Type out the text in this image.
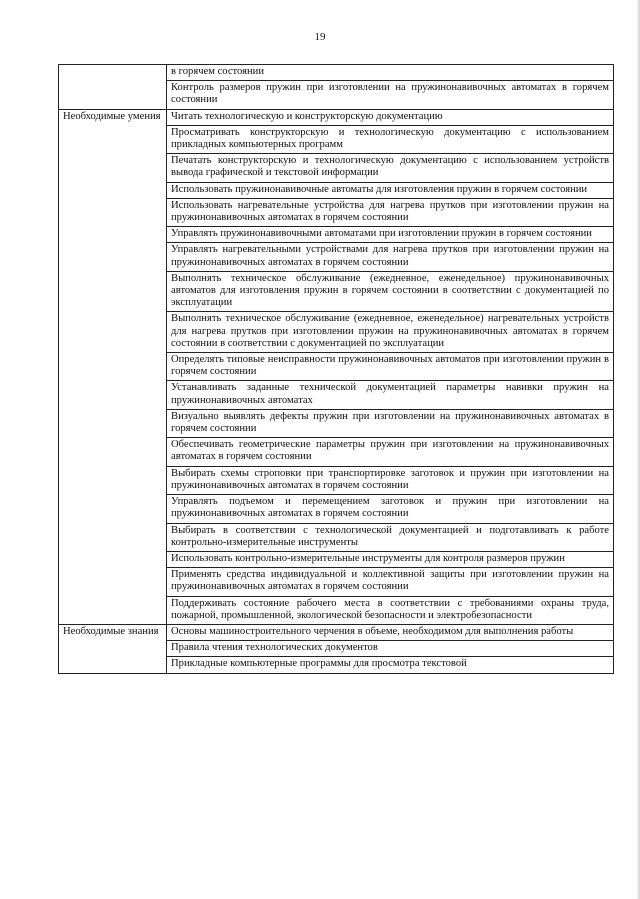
19
	в горячем состоянии
	Контроль размеров пружин при изготовлении на пружинонавивочных автоматах в горячем состоянии

Необходимые умения	Читать технологическую и конструкторскую документацию
	Просматривать конструкторскую и технологическую документацию с использованием прикладных компьютерных программ
	Печатать конструкторскую и технологическую документацию с использованием устройств вывода графической и текстовой информации
	Использовать пружинонавивочные автоматы для изготовления пружин в горячем состоянии
	Использовать нагревательные устройства для нагрева прутков при изготовлении пружин на пружинонавивочных автоматах в горячем состоянии
	Управлять пружинонавивочными автоматами при изготовлении пружин в горячем состоянии
	Управлять нагревательными устройствами для нагрева прутков при изготовлении пружин на пружинонавивочных автоматах в горячем состоянии
	Выполнять техническое обслуживание (ежедневное, еженедельное) пружинонавивочных автоматов для изготовления пружин в горячем состоянии в соответствии с документацией по эксплуатации
	Выполнять техническое обслуживание (ежедневное, еженедельное) нагревательных устройств для нагрева прутков при изготовлении пружин на пружинонавивочных автоматах в горячем состоянии в соответствии с документацией по эксплуатации
	Определять типовые неисправности пружинонавивочных автоматов при изготовлении пружин в горячем состоянии
	Устанавливать заданные технической документацией параметры навивки пружин на пружинонавивочных автоматах
	Визуально выявлять дефекты пружин при изготовлении на пружинонавивочных автоматах в горячем состоянии
	Обеспечивать геометрические параметры пружин при изготовлении на пружинонавивочных автоматах в горячем состоянии
	Выбирать схемы строповки при транспортировке заготовок и пружин при изготовлении на пружинонавивочных автоматах в горячем состоянии
	Управлять подъемом и перемещением заготовок и пружин при изготовлении на пружинонавивочных автоматах в горячем состоянии
	Выбирать в соответствии с технологической документацией и подготавливать к работе контрольно-измерительные инструменты
	Использовать контрольно-измерительные инструменты для контроля размеров пружин
	Применять средства индивидуальной и коллективной защиты при изготовлении пружин на пружинонавивочных автоматах в горячем состоянии
	Поддерживать состояние рабочего места в соответствии с требованиями охраны труда, пожарной, промышленной, экологической безопасности и электробезопасности

Необходимые знания	Основы машиностроительного черчения в объеме, необходимом для выполнения работы
	Правила чтения технологических документов
	Прикладные компьютерные программы для просмотра текстовой
